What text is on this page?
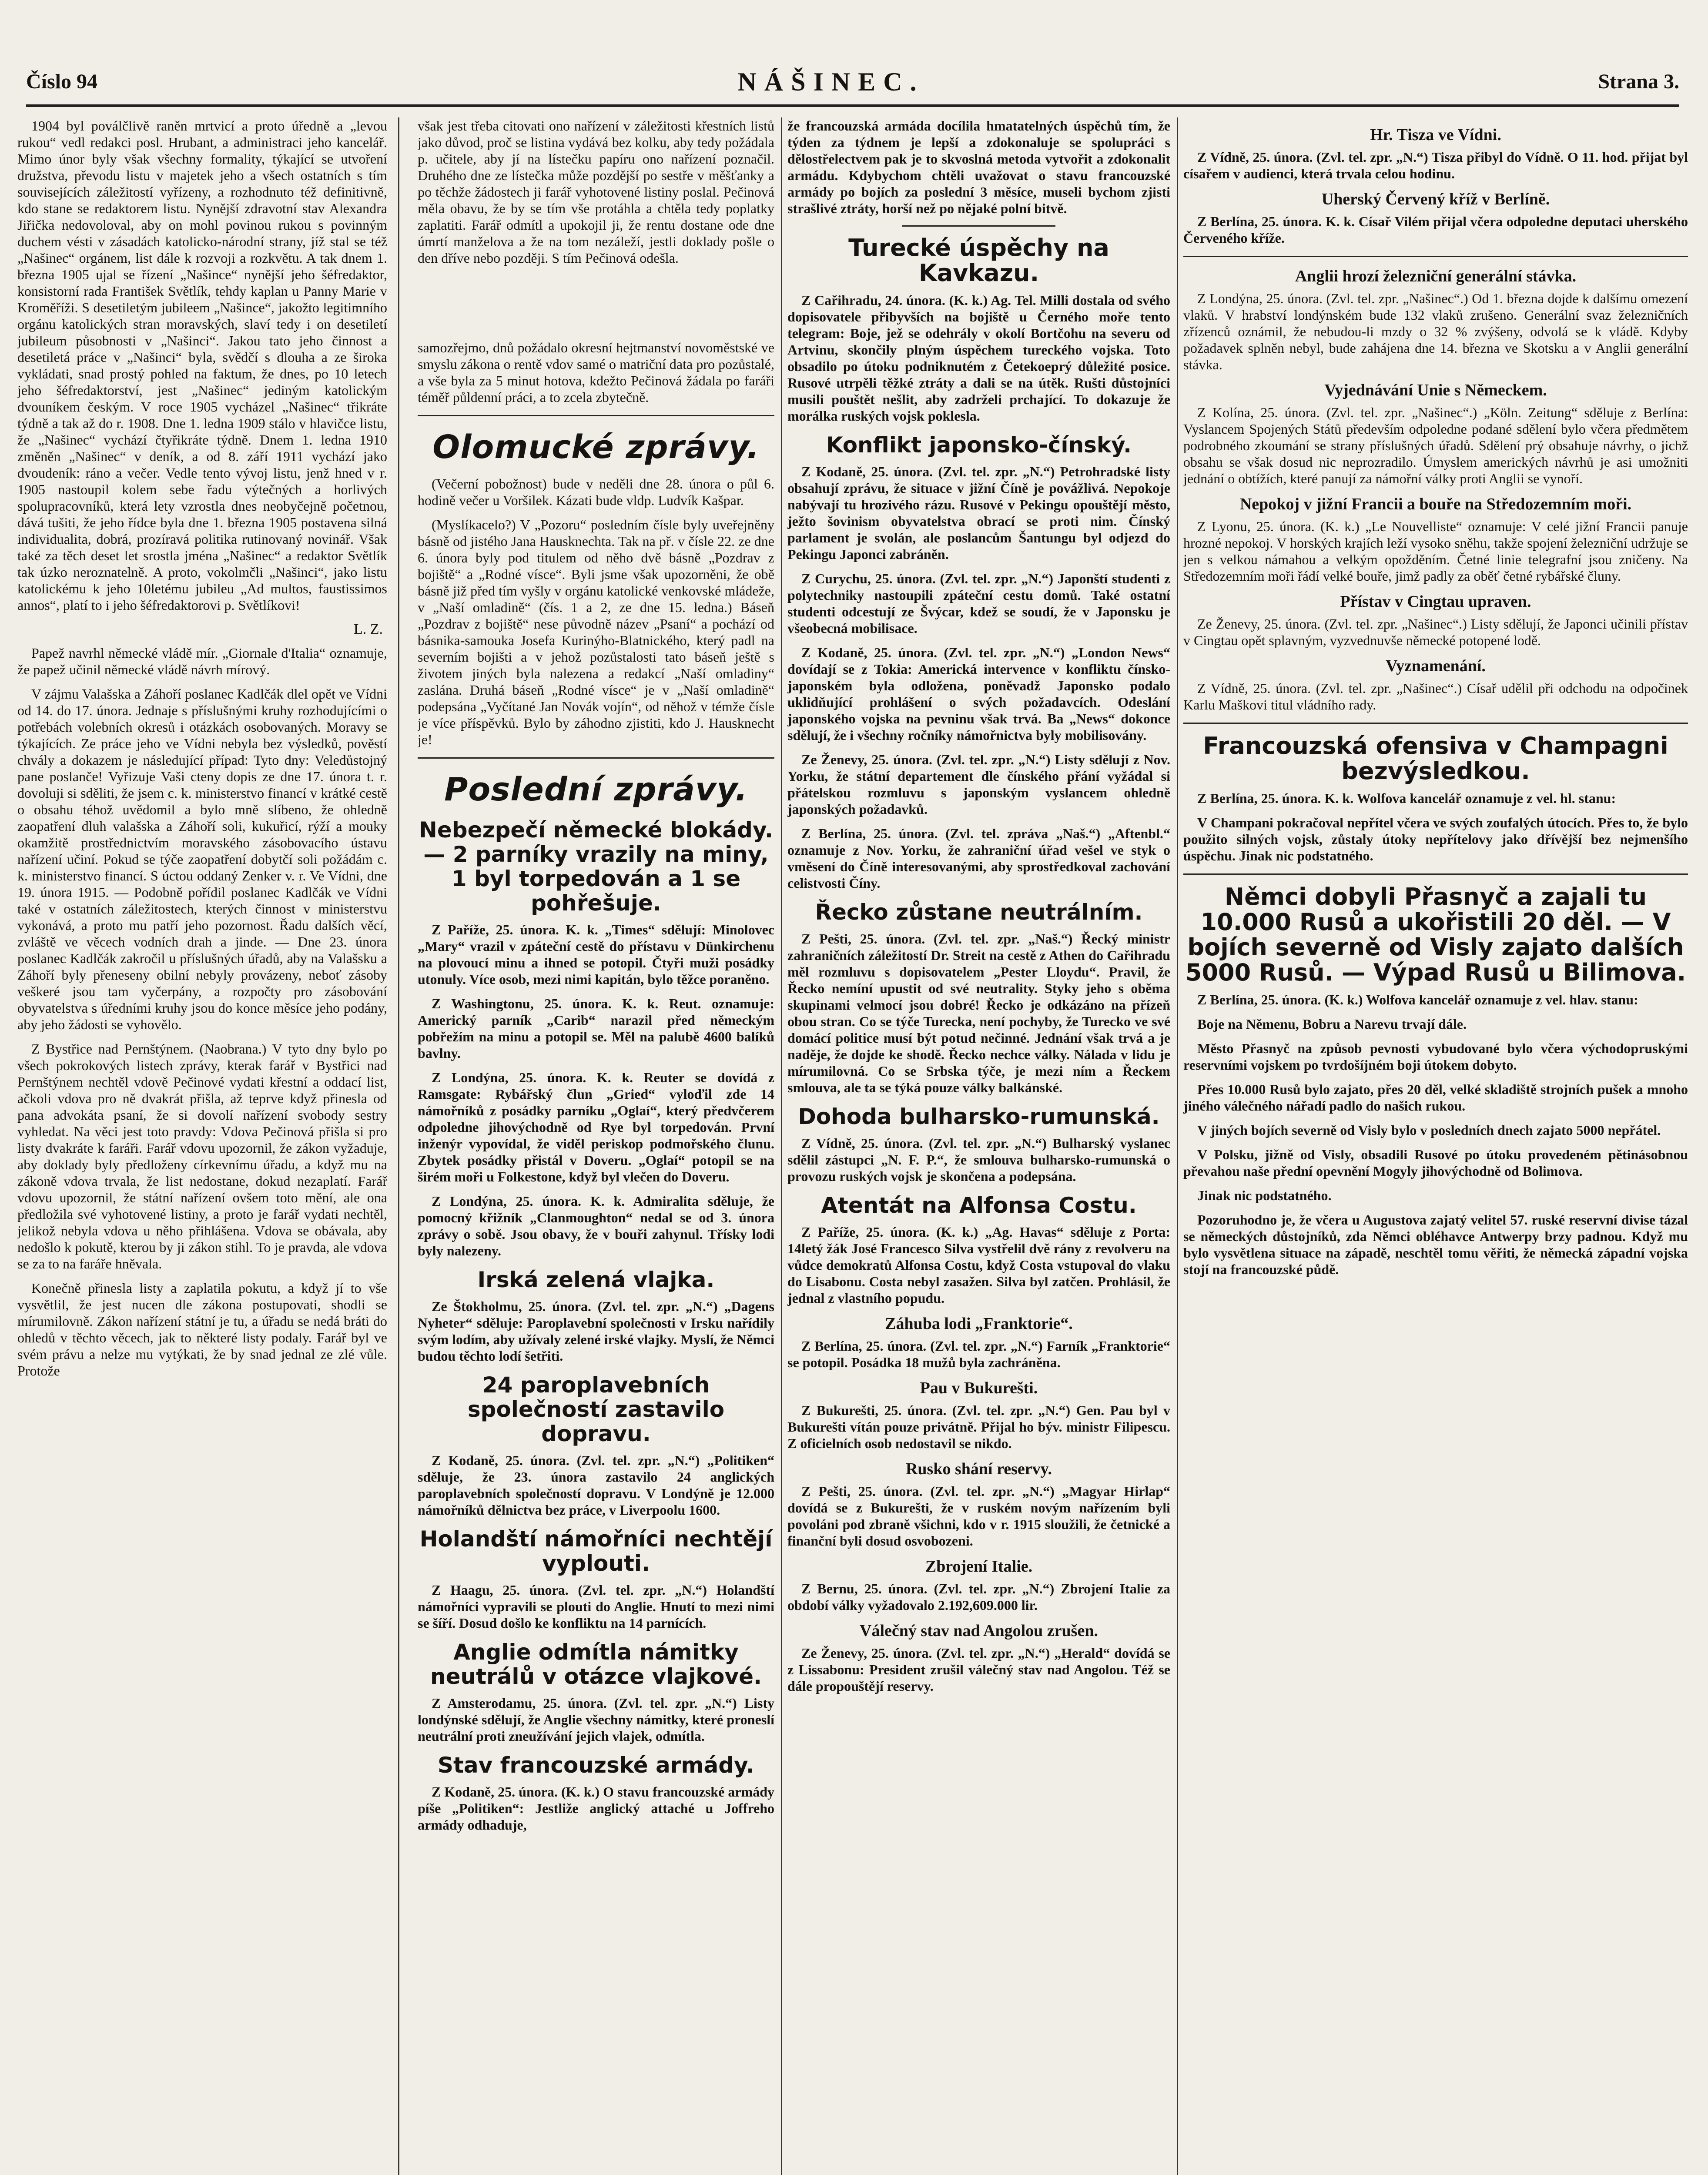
Číslo 94	NÁŠINEC.	Strana 3.

1904 byl poválčlivě raněn mrtvicí a proto úředně a „levou rukou“ vedl redakci posl. Hrubant, a administraci jeho kancelář. Mimo únor byly však všechny formality, týkající se utvoření družstva, převodu listu v majetek jeho a všech ostatních s tím souvisejících záležitostí vyřízeny, a rozhodnuto též definitivně, kdo stane se redaktorem listu. Nynější zdravotní stav Alexandra Jiřička nedovoloval, aby on mohl povinou rukou s povinným duchem vésti v zásadách katolicko-národní strany, jíž stal se též „Našinec“ orgánem, list dále k rozvoji a rozkvětu. A tak dnem 1. března 1905 ujal se řízení „Našince“ nynější jeho šéfredaktor, konsistorní rada František Světlík, tehdy kaplan u Panny Marie v Kroměříži. S desetiletým jubileem „Našince“, jakožto legitimního orgánu katolických stran moravských, slaví tedy i on desetiletí jubileum působnosti v „Našinci“. Jakou tato jeho činnost a desetiletá práce v „Našinci“ byla, svědčí s dlouha a ze široka vykládati, snad prostý pohled na faktum, že dnes, po 10 letech jeho šéfredaktorství, jest „Našinec“ jediným katolickým dvouníkem českým. V roce 1905 vycházel „Našinec“ třikráte týdně a tak až do r. 1908. Dne 1. ledna 1909 stálo v hlavičce listu, že „Našinec“ vychází čtyřikráte týdně. Dnem 1. ledna 1910 změněn „Našinec“ v deník, a od 8. září 1911 vychází jako dvoudeník: ráno a večer. Vedle tento vývoj listu, jenž hned v r. 1905 nastoupil kolem sebe řadu výtečných a horlivých spolupracovníků, která lety vzrostla dnes neobyčejně početnou, dává tušiti, že jeho řídce byla dne 1. března 1905 postavena silná individualita, dobrá, prozíravá politika rutinovaný novinář. Však také za těch deset let srostla jména „Našinec“ a redaktor Světlík tak úzko neroznatelně. A proto, vokolmčli „Našinci“, jako listu katolickému k jeho 10letému jubileu „Ad multos, faustissimos annos“, platí to i jeho šéfredaktorovi p. Světlíkovi!

L. Z.

Papež navrhl německé vládě mír. „Giornale d'Italia“ oznamuje, že papež učinil německé vládě návrh mírový.

V zájmu Valašska a Záhoří poslanec Kadlčák dlel opět ve Vídni od 14. do 17. února. Jednaje s příslušnými kruhy rozhodujícími o potřebách volebních okresů i otázkách osobovaných. Moravy se týkajících. Ze práce jeho ve Vídni nebyla bez výsledků, pověstí chvály a dokazem je následující případ: Tyto dny: Veledůstojný pane poslanče! Vyřizuje Vaši cteny dopis ze dne 17. února t. r. dovoluji si sděliti, že jsem c. k. ministerstvo financí v krátké cestě o obsahu téhož uvědomil a bylo mně slíbeno, že ohledně zaopatření dluh valašska a Záhoří soli, kukuřicí, rýží a mouky okamžitě prostřednictvím moravského zásobovacího ústavu nařízení učiní. Pokud se týče zaopatření dobytčí soli požádám c. k. ministerstvo financí. S úctou oddaný Zenker v. r. Ve Vídni, dne 19. února 1915. — Podobně pořídil poslanec Kadlčák ve Vídni také v ostatních záležitostech, kterých činnost v ministerstvu vykonává, a proto mu patří jeho pozornost. Řadu dalších věcí, zvláště ve věcech vodních drah a jinde. — Dne 23. února poslanec Kadlčák zakročil u příslušných úřadů, aby na Valašsku a Záhoří byly přeneseny obilní nebyly provázeny, neboť zásoby veškeré jsou tam vyčerpány, a rozpočty pro zásobování obyvatelstva s úředními kruhy jsou do konce měsíce jeho podány, aby jeho žádosti se vyhovělo.

Z Bystřice nad Pernštýnem. (Naobrana.) V tyto dny bylo po všech pokrokových listech zprávy, kterak farář v Bystřici nad Pernštýnem nechtěl vdově Pečinové vydati křestní a oddací list, ačkoli vdova pro ně dvakrát přišla, až teprve když přinesla od pana advokáta psaní, že si dovolí nařízení svobody sestry vyhledat. Na věci jest toto pravdy: Vdova Pečinová přišla si pro listy dvakráte k faráři. Farář vdovu upozornil, že zákon vyžaduje, aby doklady byly předloženy církevnímu úřadu, a když mu na zákoně vdova trvala, že list nedostane, dokud nezaplatí. Farář vdovu upozornil, že státní nařízení ovšem toto mění, ale ona předložila své vyhotovené listiny, a proto je farář vydati nechtěl, jelikož nebyla vdova u něho přihlášena. Vdova se obávala, aby nedošlo k pokutě, kterou by ji zákon stihl. To je pravda, ale vdova se za to na faráře hněvala.

Konečně přinesla listy a zaplatila pokutu, a když jí to vše vysvětlil, že jest nucen dle zákona postupovati, shodli se mírumilovně. Zákon nařízení státní je tu, a úřadu se nedá bráti do ohledů v těchto věcech, jak to některé listy podaly. Farář byl ve svém právu a nelze mu vytýkati, že by snad jednal ze zlé vůle. Protože

však jest třeba citovati ono nařízení v záležitosti křestních listů jako důvod, proč se listina vydává bez kolku, aby tedy požádala p. učitele, aby jí na lístečku papíru ono nařízení poznačil. Druhého dne ze lístečka může pozdější po sestře v měšťanky a po těchže žádostech ji farář vyhotovené listiny poslal. Pečinová měla obavu, že by se tím vše protáhla a chtěla tedy poplatky zaplatiti. Farář odmítl a upokojil ji, že rentu dostane ode dne úmrtí manželova a že na tom nezáleží, jestli doklady pošle o den dříve nebo později. S tím Pečinová odešla.

samozřejmo, dnů požádalo okresní hejtmanství novoměstské ve smyslu zákona o rentě vdov samé o matriční data pro pozůstalé, a vše byla za 5 minut hotova, kdežto Pečinová žádala po faráři téměř půldenní práci, a to zcela zbytečně.

Olomucké zprávy.

(Večerní pobožnost) bude v neděli dne 28. února o půl 6. hodině večer u Voršilek. Kázati bude vldp. Ludvík Kašpar.

(Myslíkacelo?) V „Pozoru“ posledním čísle byly uveřejněny básně od jistého Jana Hausknechta. Tak na př. v čísle 22. ze dne 6. února byly pod titulem od něho dvě básně „Pozdrav z bojiště“ a „Rodné vísce“. Byli jsme však upozorněni, že obě básně již před tím vyšly v orgánu katolické venkovské mládeže, v „Naší omladině“ (čís. 1 a 2, ze dne 15. ledna.) Báseň „Pozdrav z bojiště“ nese původně název „Psaní“ a pochází od básnika-samouka Josefa Kurinýho-Blatnického, který padl na severním bojišti a v jehož pozůstalosti tato báseň ještě s životem jiných byla nalezena a redakcí „Naší omladiny“ zaslána. Druhá báseň „Rodné vísce“ je v „Naší omladině“ podepsána „Vyčítané Jan Novák vojín“, od něhož v témže čísle je více příspěvků. Bylo by záhodno zjistiti, kdo J. Hausknecht je!

Poslední zprávy.
Nebezpečí německé blokády. — 2 parníky vrazily na miny, 1 byl torpedován a 1 se pohřešuje.

Z Paříže, 25. února. K. k. „Times“ sdělují: Minolovec „Mary“ vrazil v zpáteční cestě do přístavu v Dünkirchenu na plovoucí minu a ihned se potopil. Čtyři muži posádky utonuly. Více osob, mezi nimi kapitán, bylo těžce poraněno.

Z Washingtonu, 25. února. K. k. Reut. oznamuje: Americký parník „Carib“ narazil před německým pobřežím na minu a potopil se. Měl na palubě 4600 balíků bavlny.

Z Londýna, 25. února. K. k. Reuter se dovídá z Ramsgate: Rybářský člun „Gried“ vyloďil zde 14 námořníků z posádky parníku „Oglaí“, který předvčerem odpoledne jihovýchodně od Rye byl torpedován. První inženýr vypovídal, že viděl periskop podmořského člunu. Zbytek posádky přistál v Doveru. „Oglaí“ potopil se na širém moři u Folkestone, když byl vlečen do Doveru.

Z Londýna, 25. února. K. k. Admiralita sděluje, že pomocný křižník „Clanmoughton“ nedal se od 3. února zprávy o sobě. Jsou obavy, že v bouři zahynul. Třísky lodi byly nalezeny.

Irská zelená vlajka.

Ze Štokholmu, 25. února. (Zvl. tel. zpr. „N.“) „Dagens Nyheter“ sděluje: Paroplavební společnosti v Irsku nařídily svým lodím, aby užívaly zelené irské vlajky. Myslí, že Němci budou těchto lodí šetřiti.

24 paroplavebních společností zastavilo dopravu.

Z Kodaně, 25. února. (Zvl. tel. zpr. „N.“) „Politiken“ sděluje, že 23. února zastavilo 24 anglických paroplavebních společností dopravu. V Londýně je 12.000 námořníků dělnictva bez práce, v Liverpoolu 1600.

Holandští námořníci nechtějí vyplouti.

Z Haagu, 25. února. (Zvl. tel. zpr. „N.“) Holandští námořníci vypravili se plouti do Anglie. Hnutí to mezi nimi se šíří. Dosud došlo ke konfliktu na 14 parnících.

Anglie odmítla námitky neutrálů v otázce vlajkové.

Z Amsterodamu, 25. února. (Zvl. tel. zpr. „N.“) Listy londýnské sdělují, že Anglie všechny námitky, které proneslí neutrální proti zneužívání jejich vlajek, odmítla.

Stav francouzské armády.

Z Kodaně, 25. února. (K. k.) O stavu francouzské armády píše „Politiken“: Jestliže anglický attaché u Joffreho armády odhaduje,

že francouzská armáda docílila hmatatelných úspěchů tím, že týden za týdnem je lepší a zdokonaluje se spolupráci s dělostřelectvem pak je to skvoslná metoda vytvořit a zdokonalit armádu. Kdybychom chtěli uvažovat o stavu francouzské armády po bojích za poslední 3 měsíce, museli bychom zjisti strašlivé ztráty, horší než po nějaké polní bitvě.

Turecké úspěchy na Kavkazu.

Z Cařihradu, 24. února. (K. k.) Ag. Tel. Milli dostala od svého dopisovatele přibyvších na bojiště u Černého moře tento telegram: Boje, jež se odehrály v okolí Bortčohu na severu od Artvinu, skončily plným úspěchem tureckého vojska. Toto obsadilo po útoku podniknutém z Četekoeprý důležité posice. Rusové utrpěli těžké ztráty a dali se na útěk. Rušti důstojníci musili pouštět nešlit, aby zadrželi prchající. To dokazuje že morálka ruských vojsk poklesla.

Konflikt japonsko-čínský.

Z Kodaně, 25. února. (Zvl. tel. zpr. „N.“) Petrohradské listy obsahují zprávu, že situace v jižní Číně je povážlivá. Nepokoje nabývají tu hrozivého rázu. Rusové v Pekingu opouštějí město, ježto šovinism obyvatelstva obrací se proti nim. Čínský parlament je svolán, ale poslancům Šantungu byl odjezd do Pekingu Japonci zabráněn.

Z Curychu, 25. února. (Zvl. tel. zpr. „N.“) Japonští studenti z polytechniky nastoupili zpáteční cestu domů. Také ostatní studenti odcestují ze Švýcar, kdež se soudí, že v Japonsku je všeobecná mobilisace.

Z Kodaně, 25. února. (Zvl. tel. zpr. „N.“) „London News“ dovídají se z Tokia: Americká intervence v konfliktu čínsko-japonském byla odložena, poněvadž Japonsko podalo uklidňující prohlášení o svých požadavcích. Odeslání japonského vojska na pevninu však trvá. Ba „News“ dokonce sdělují, že i všechny ročníky námořnictva byly mobilisovány.

Ze Ženevy, 25. února. (Zvl. tel. zpr. „N.“) Listy sdělují z Nov. Yorku, že státní departement dle čínského přání vyžádal si přátelskou rozmluvu s japonským vyslancem ohledně japonských požadavků.

Z Berlína, 25. února. (Zvl. tel. zpráva „Naš.“) „Aftenbl.“ oznamuje z Nov. Yorku, že zahraniční úřad vešel ve styk o vměsení do Číně interesovanými, aby sprostředkoval zachování celistvosti Číny.

Řecko zůstane neutrálním.

Z Pešti, 25. února. (Zvl. tel. zpr. „Naš.“) Řecký ministr zahraničních záležitostí Dr. Streit na cestě z Athen do Cařihradu měl rozmluvu s dopisovatelem „Pester Lloydu“. Pravil, že Řecko nemíní upustit od své neutrality. Styky jeho s oběma skupinami velmocí jsou dobré! Řecko je odkázáno na přízeň obou stran. Co se týče Turecka, není pochyby, že Turecko ve své domácí politice musí být potud nečinné. Jednání však trvá a je naděje, že dojde ke shodě. Řecko nechce války. Nálada v lidu je mírumilovná. Co se Srbska týče, je mezi ním a Řeckem smlouva, ale ta se týká pouze války balkánské.

Dohoda bulharsko-rumunská.

Z Vídně, 25. února. (Zvl. tel. zpr. „N.“) Bulharský vyslanec sdělil zástupci „N. F. P.“, že smlouva bulharsko-rumunská o provozu ruských vojsk je skončena a podepsána.

Atentát na Alfonsa Costu.

Z Paříže, 25. února. (K. k.) „Ag. Havas“ sděluje z Porta: 14letý žák José Francesco Silva vystřelil dvě rány z revolveru na vůdce demokratů Alfonsa Costu, když Costa vstupoval do vlaku do Lisabonu. Costa nebyl zasažen. Silva byl zatčen. Prohlásil, že jednal z vlastního popudu.

Záhuba lodi „Franktorie“.

Z Berlína, 25. února. (Zvl. tel. zpr. „N.“) Farník „Franktorie“ se potopil. Posádka 18 mužů byla zachráněna.

Pau v Bukurešti.

Z Bukurešti, 25. února. (Zvl. tel. zpr. „N.“) Gen. Pau byl v Bukurešti vítán pouze privátně. Přijal ho býv. ministr Filipescu. Z oficielních osob nedostavil se nikdo.

Rusko shání reservy.

Z Pešti, 25. února. (Zvl. tel. zpr. „N.“) „Magyar Hirlap“ dovídá se z Bukurešti, že v ruském novým nařízením byli povoláni pod zbraně všichni, kdo v r. 1915 sloužili, že četnické a finanční byli dosud osvobozeni.

Zbrojení Italie.

Z Bernu, 25. února. (Zvl. tel. zpr. „N.“) Zbrojení Italie za období války vyžadovalo 2.192,609.000 lir.

Válečný stav nad Angolou zrušen.

Ze Ženevy, 25. února. (Zvl. tel. zpr. „N.“) „Herald“ dovídá se z Lissabonu: President zrušil válečný stav nad Angolou. Též se dále propouštějí reservy.

Hr. Tisza ve Vídni.

Z Vídně, 25. února. (Zvl. tel. zpr. „N.“) Tisza přibyl do Vídně. O 11. hod. přijat byl císařem v audienci, která trvala celou hodinu.

Uherský Červený kříž v Berlíně.

Z Berlína, 25. února. K. k. Císař Vilém přijal včera odpoledne deputaci uherského Červeného kříže.

Anglii hrozí železniční generální stávka.

Z Londýna, 25. února. (Zvl. tel. zpr. „Našinec“.) Od 1. března dojde k dalšímu omezení vlaků. V hrabství londýnském bude 132 vlaků zrušeno. Generální svaz železničních zřízenců oznámil, že nebudou-li mzdy o 32 % zvýšeny, odvolá se k vládě. Kdyby požadavek splněn nebyl, bude zahájena dne 14. března ve Skotsku a v Anglii generální stávka.

Vyjednávání Unie s Německem.

Z Kolína, 25. února. (Zvl. tel. zpr. „Našinec“.) „Köln. Zeitung“ sděluje z Berlína: Vyslancem Spojených Států především odpoledne podané sdělení bylo včera předmětem podrobného zkoumání se strany příslušných úřadů. Sdělení prý obsahuje návrhy, o jichž obsahu se však dosud nic neprozradilo. Úmyslem amerických návrhů je asi umožniti jednání o obtížích, které panují za námořní války proti Anglii se vynoří.

Nepokoj v jižní Francii a bouře na Středozemním moři.

Z Lyonu, 25. února. (K. k.) „Le Nouvelliste“ oznamuje: V celé jižní Francii panuje hrozné nepokoj. V horských krajích leží vysoko sněhu, takže spojení železniční udržuje se jen s velkou námahou a velkým opožděním. Četné linie telegrafní jsou zničeny. Na Středozemním moři řádí velké bouře, jimž padly za oběť četné rybářské čluny.

Přístav v Cingtau upraven.

Ze Ženevy, 25. února. (Zvl. tel. zpr. „Našinec“.) Listy sdělují, že Japonci učinili přístav v Cingtau opět splavným, vyzvednuvše německé potopené lodě.

Vyznamenání.

Z Vídně, 25. února. (Zvl. tel. zpr. „Našinec“.) Císař udělil při odchodu na odpočinek Karlu Maškovi titul vládního rady.

Francouzská ofensiva v Champagni bezvýsledkou.

Z Berlína, 25. února. K. k. Wolfova kancelář oznamuje z vel. hl. stanu:

V Champani pokračoval nepřítel včera ve svých zoufalých útocích. Přes to, že bylo použito silných vojsk, zůstaly útoky nepřítelovy jako dřívější bez nejmenšího úspěchu. Jinak nic podstatného.

Němci dobyli Přasnyč a zajali tu 10.000 Rusů a ukořistili 20 děl. — V bojích severně od Visly zajato dalších 5000 Rusů. — Výpad Rusů u Bilimova.

Z Berlína, 25. února. (K. k.) Wolfova kancelář oznamuje z vel. hlav. stanu:

Boje na Němenu, Bobru a Narevu trvají dále.

Město Přasnyč na způsob pevnosti vybudované bylo včera východopruskými reservními vojskem po tvrdošíjném boji útokem dobyto.

Přes 10.000 Rusů bylo zajato, přes 20 děl, velké skladiště strojních pušek a mnoho jiného válečného nářadí padlo do našich rukou.

V jiných bojích severně od Visly bylo v posledních dnech zajato 5000 nepřátel.

V Polsku, jižně od Visly, obsadili Rusové po útoku provedeném pětinásobnou převahou naše přední opevnění Mogyly jihovýchodně od Bolimova.

Jinak nic podstatného.

Pozoruhodno je, že včera u Augustova zajatý velitel 57. ruské reservní divise tázal se německých důstojníků, zda Němci obléhavce Antwerpy brzy padnou. Když mu bylo vysvětlena situace na západě, neschtěl tomu věřiti, že německá západní vojska stojí na francouzské půdě.
